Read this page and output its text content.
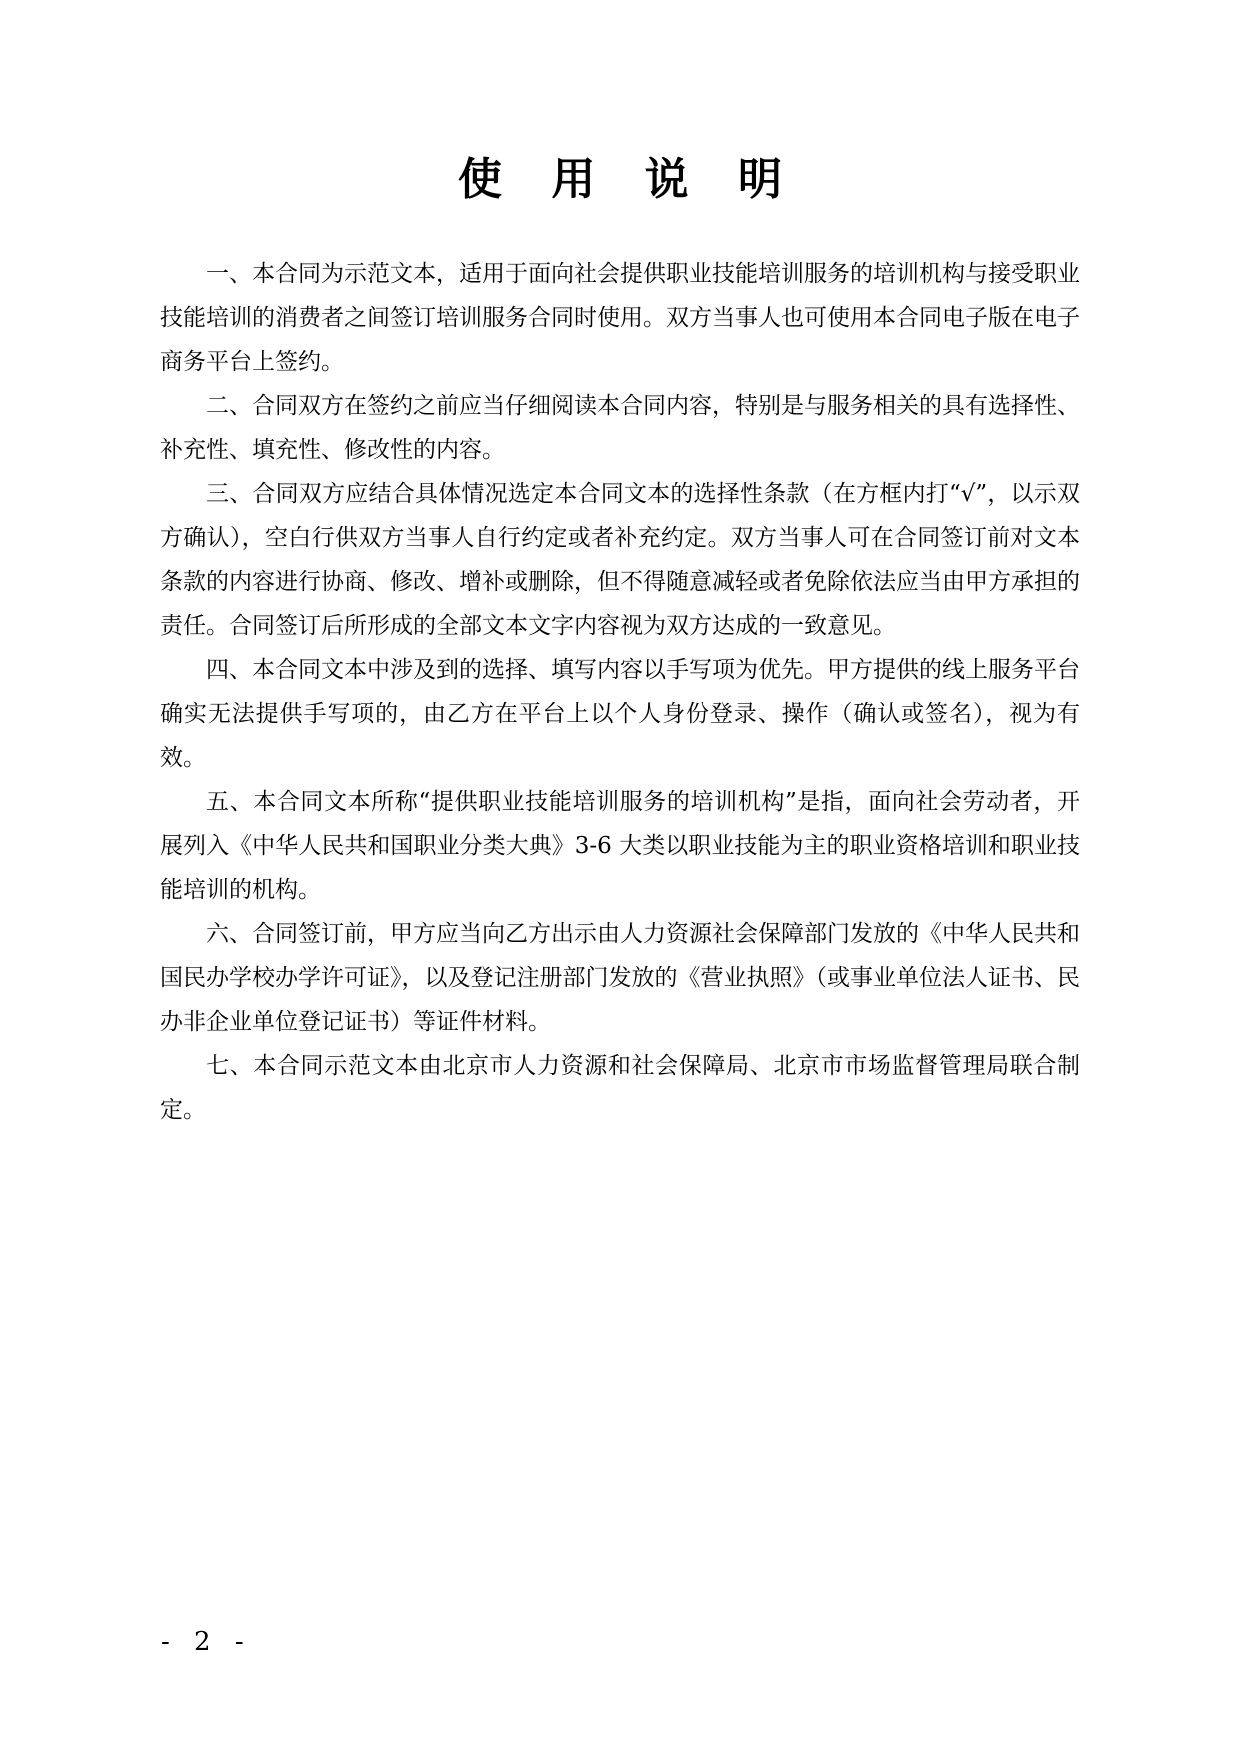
使 用 说 明

一、本合同为示范文本，适用于面向社会提供职业技能培训服务的培训机构与接受职业技能培训的消费者之间签订培训服务合同时使用。双方当事人也可使用本合同电子版在电子商务平台上签约。

二、合同双方在签约之前应当仔细阅读本合同内容，特别是与服务相关的具有选择性、补充性、填充性、修改性的内容。

三、合同双方应结合具体情况选定本合同文本的选择性条款（在方框内打“√”，以示双方确认），空白行供双方当事人自行约定或者补充约定。双方当事人可在合同签订前对文本条款的内容进行协商、修改、增补或删除，但不得随意减轻或者免除依法应当由甲方承担的责任。合同签订后所形成的全部文本文字内容视为双方达成的一致意见。

四、本合同文本中涉及到的选择、填写内容以手写项为优先。甲方提供的线上服务平台确实无法提供手写项的，由乙方在平台上以个人身份登录、操作（确认或签名），视为有效。

五、本合同文本所称“提供职业技能培训服务的培训机构”是指，面向社会劳动者，开展列入《中华人民共和国职业分类大典》3-6 大类以职业技能为主的职业资格培训和职业技能培训的机构。

六、合同签订前，甲方应当向乙方出示由人力资源社会保障部门发放的《中华人民共和国民办学校办学许可证》，以及登记注册部门发放的《营业执照》（或事业单位法人证书、民办非企业单位登记证书）等证件材料。

七、本合同示范文本由北京市人力资源和社会保障局、北京市市场监督管理局联合制定。

- 2 -
